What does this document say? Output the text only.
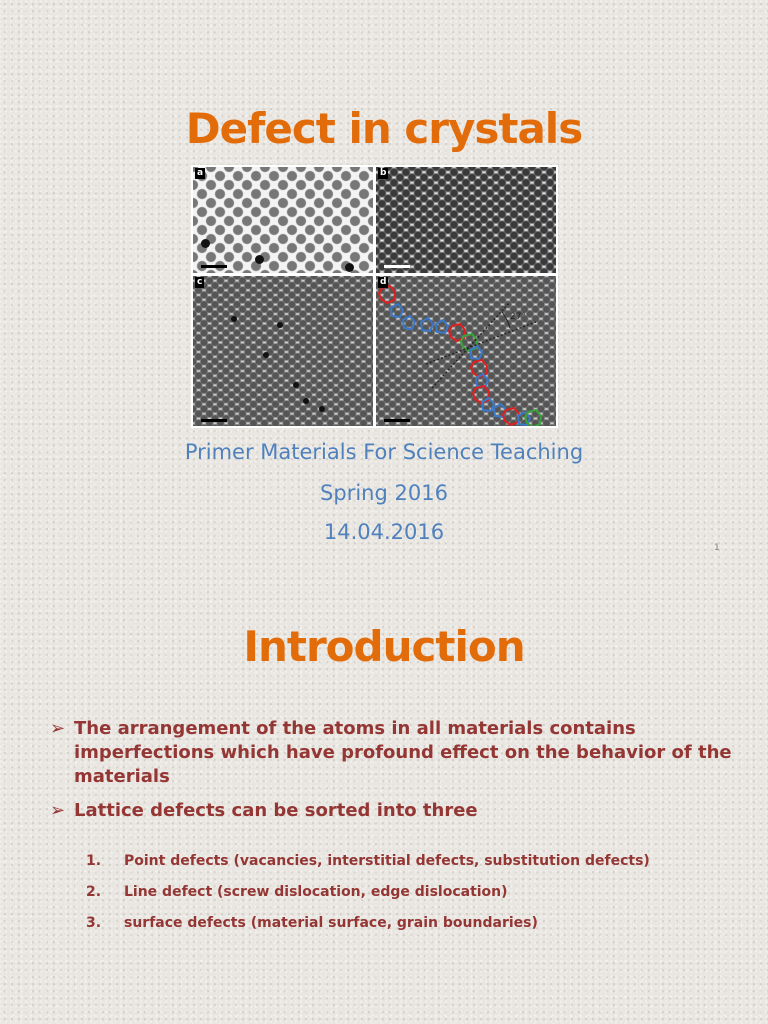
Defect in crystals
a	b
c	d
27°
Primer Materials For Science Teaching
Spring 2016
14.04.2016
1
Introduction
➢ The arrangement of the atoms in all materials contains imperfections which have profound effect on the behavior of the materials
➢ Lattice defects can be sorted into three
1. Point defects (vacancies, interstitial defects, substitution defects)
2. Line defect (screw dislocation, edge dislocation)
3. surface defects (material surface, grain boundaries)
